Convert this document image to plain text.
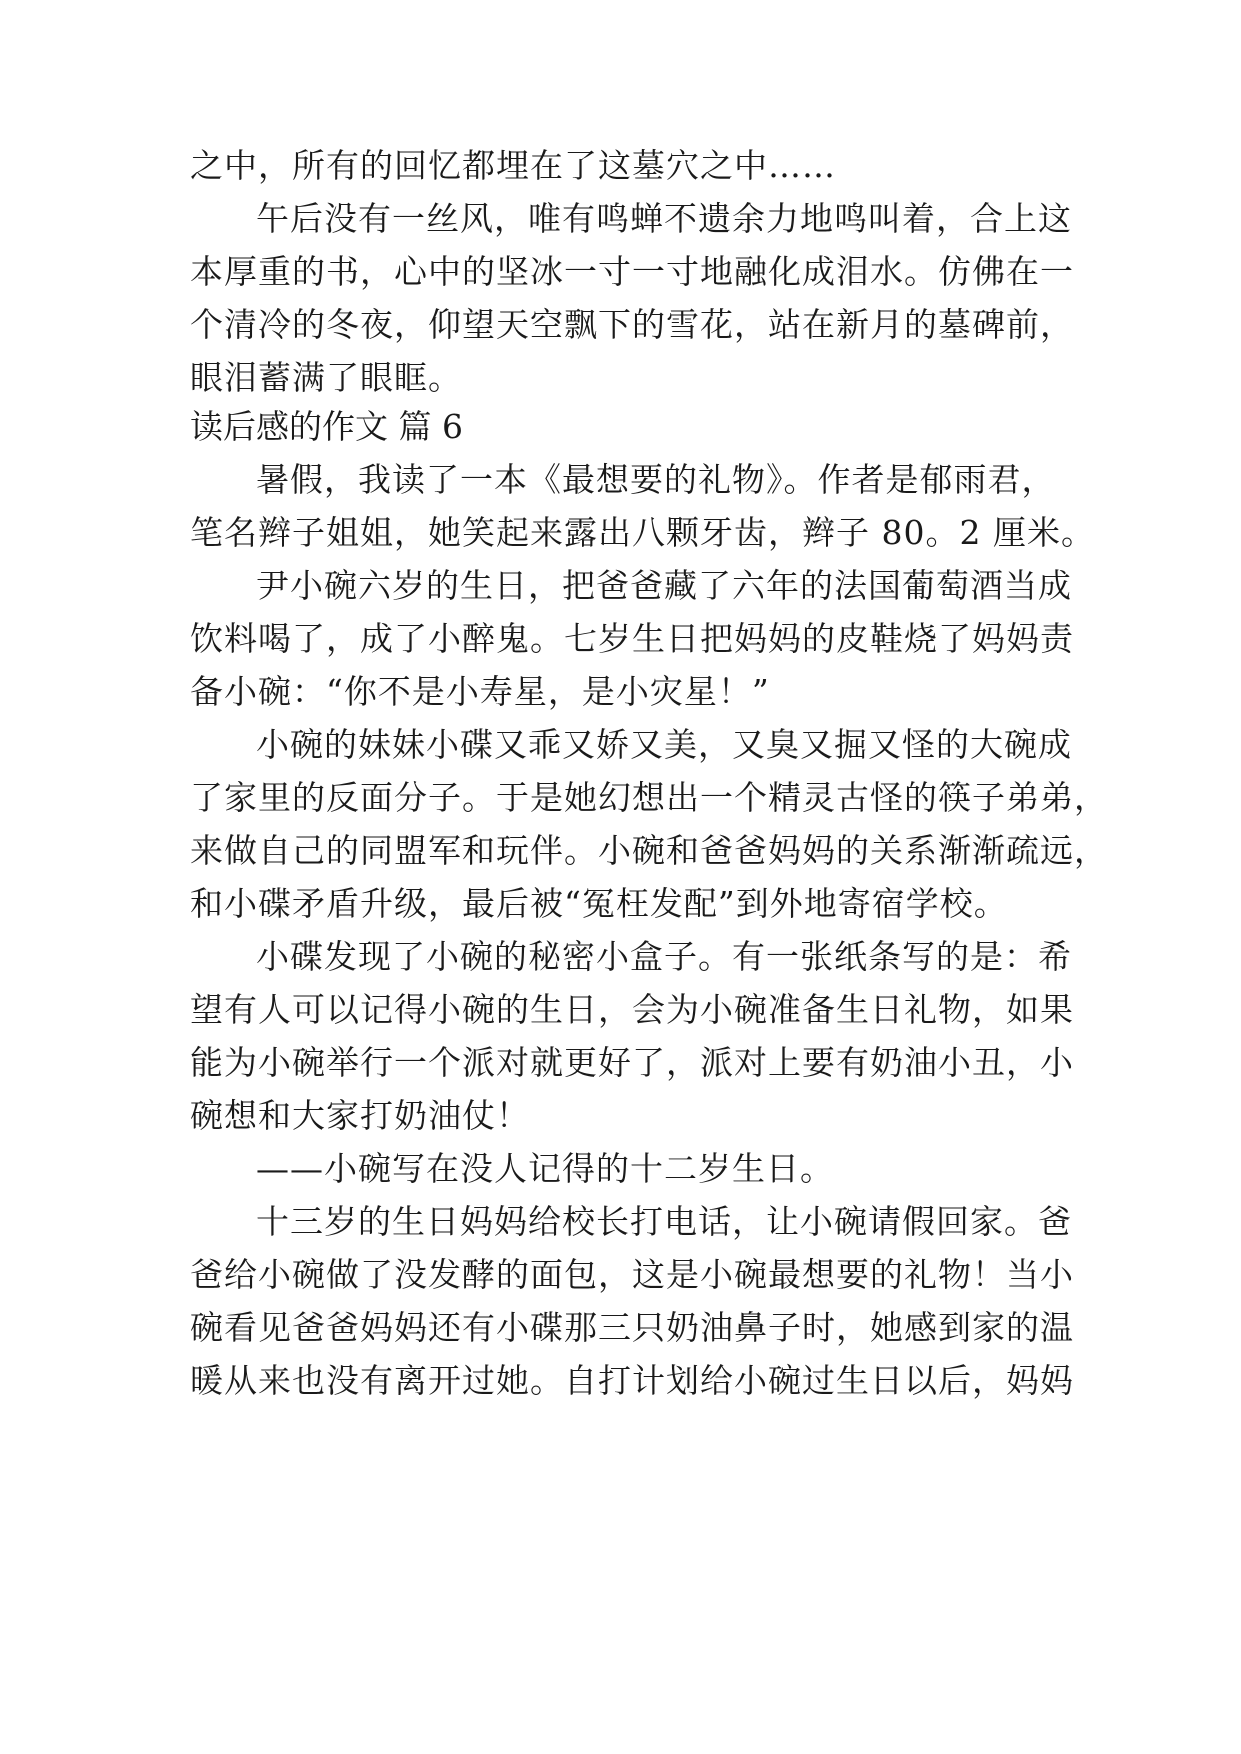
之中，所有的回忆都埋在了这墓穴之中……
午后没有一丝风，唯有鸣蝉不遗余力地鸣叫着，合上这
本厚重的书，心中的坚冰一寸一寸地融化成泪水。仿佛在一
个清冷的冬夜，仰望天空飘下的雪花，站在新月的墓碑前，
眼泪蓄满了眼眶。
读后感的作文 篇 6
暑假，我读了一本《最想要的礼物》。作者是郁雨君，
笔名辫子姐姐，她笑起来露出八颗牙齿，辫子 80。2 厘米。
尹小碗六岁的生日，把爸爸藏了六年的法国葡萄酒当成
饮料喝了，成了小醉鬼。七岁生日把妈妈的皮鞋烧了妈妈责
备小碗：“你不是小寿星，是小灾星！”
小碗的妹妹小碟又乖又娇又美，又臭又掘又怪的大碗成
了家里的反面分子。于是她幻想出一个精灵古怪的筷子弟弟，
来做自己的同盟军和玩伴。小碗和爸爸妈妈的关系渐渐疏远，
和小碟矛盾升级，最后被“冤枉发配”到外地寄宿学校。
小碟发现了小碗的秘密小盒子。有一张纸条写的是：希
望有人可以记得小碗的生日，会为小碗准备生日礼物，如果
能为小碗举行一个派对就更好了，派对上要有奶油小丑，小
碗想和大家打奶油仗！
——小碗写在没人记得的十二岁生日。
十三岁的生日妈妈给校长打电话，让小碗请假回家。爸
爸给小碗做了没发酵的面包，这是小碗最想要的礼物！当小
碗看见爸爸妈妈还有小碟那三只奶油鼻子时，她感到家的温
暖从来也没有离开过她。自打计划给小碗过生日以后，妈妈
